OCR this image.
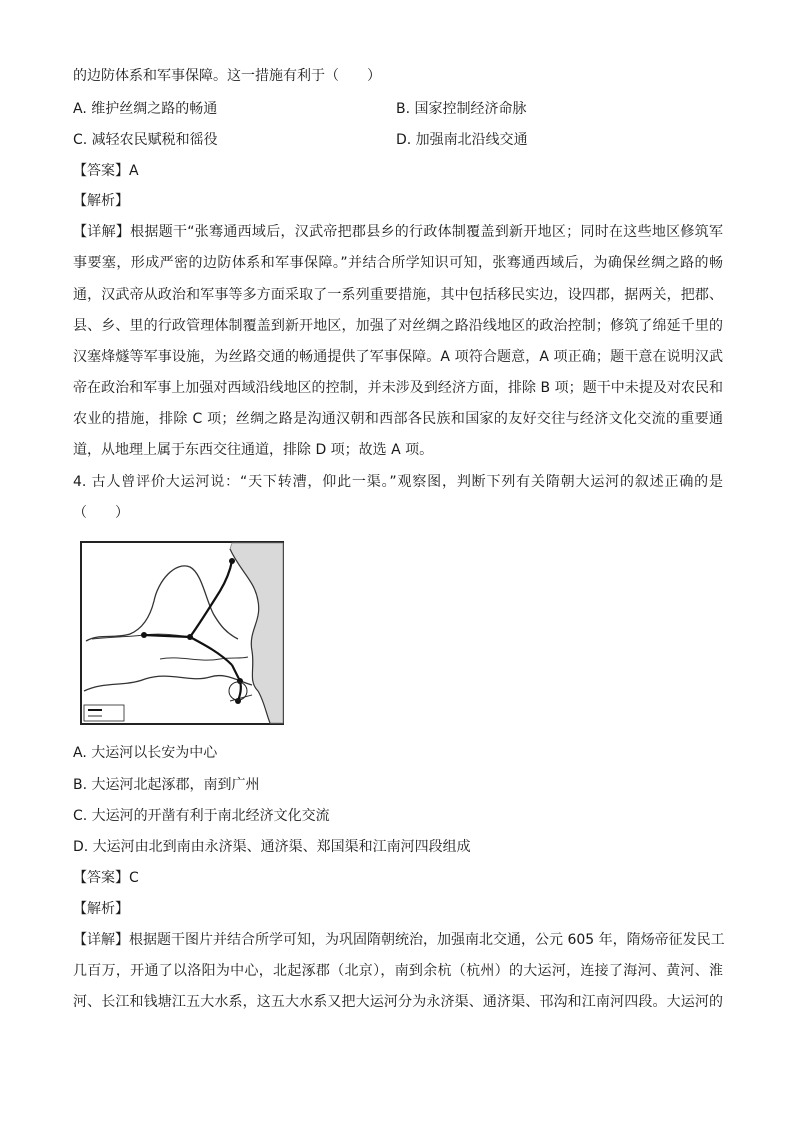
的边防体系和军事保障。这一措施有利于（　　）
A. 维护丝绸之路的畅通	B. 国家控制经济命脉
C. 减轻农民赋税和徭役	D. 加强南北沿线交通
【答案】A
【解析】
【详解】根据题干“张骞通西域后，汉武帝把郡县乡的行政体制覆盖到新开地区；同时在这些地区修筑军
事要塞，形成严密的边防体系和军事保障。”并结合所学知识可知，张骞通西域后，为确保丝绸之路的畅
通，汉武帝从政治和军事等多方面采取了一系列重要措施，其中包括移民实边，设四郡，据两关，把郡、
县、乡、里的行政管理体制覆盖到新开地区，加强了对丝绸之路沿线地区的政治控制；修筑了绵延千里的
汉塞烽燧等军事设施，为丝路交通的畅通提供了军事保障。A 项符合题意，A 项正确；题干意在说明汉武
帝在政治和军事上加强对西域沿线地区的控制，并未涉及到经济方面，排除 B 项；题干中未提及对农民和
农业的措施，排除 C 项；丝绸之路是沟通汉朝和西部各民族和国家的友好交往与经济文化交流的重要通
道，从地理上属于东西交往通道，排除 D 项；故选 A 项。
4. 古人曾评价大运河说：“天下转漕，仰此一渠。”观察图，判断下列有关隋朝大运河的叙述正确的是
（　　）
A. 大运河以长安为中心
B. 大运河北起涿郡，南到广州
C. 大运河的开凿有利于南北经济文化交流
D. 大运河由北到南由永济渠、通济渠、郑国渠和江南河四段组成
【答案】C
【解析】
【详解】根据题干图片并结合所学可知，为巩固隋朝统治，加强南北交通，公元 605 年，隋炀帝征发民工
几百万，开通了以洛阳为中心，北起涿郡（北京），南到余杭（杭州）的大运河，连接了海河、黄河、淮
河、长江和钱塘江五大水系，这五大水系又把大运河分为永济渠、通济渠、邗沟和江南河四段。大运河的
